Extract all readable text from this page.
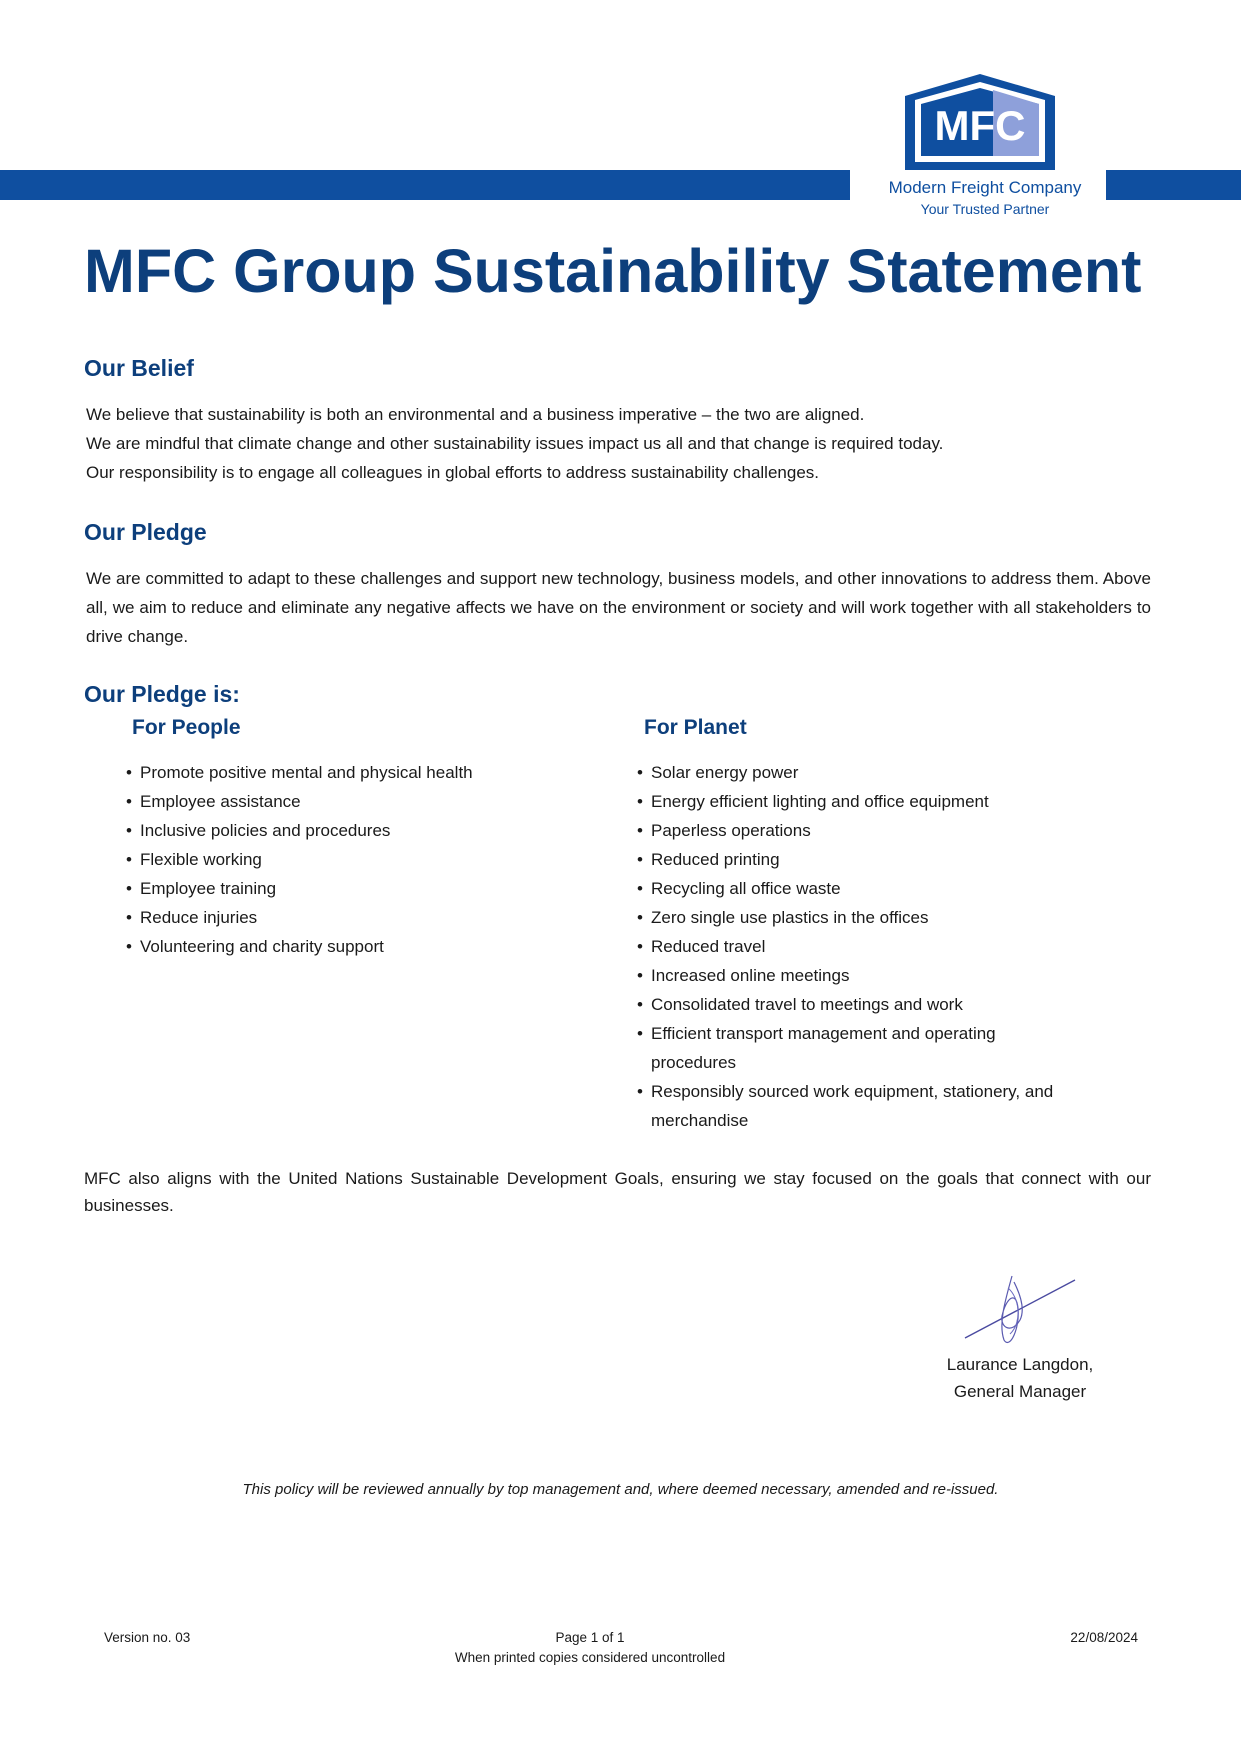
MFC
Modern Freight Company
Your Trusted Partner
MFC Group Sustainability Statement
Our Belief

We believe that sustainability is both an environmental and a business imperative – the two are aligned.

We are mindful that climate change and other sustainability issues impact us all and that change is required today.

Our responsibility is to engage all colleagues in global efforts to address sustainability challenges.

Our Pledge

We are committed to adapt to these challenges and support new technology, business models, and other innovations to address them. Above all, we aim to reduce and eliminate any negative affects we have on the environment or society and will work together with all stakeholders to drive change.

Our Pledge is:
For People	For Planet
• Promote positive mental and physical health
• Employee assistance
• Inclusive policies and procedures
• Flexible working
• Employee training
• Reduce injuries
• Volunteering and charity support
• Solar energy power
• Energy efficient lighting and office equipment
• Paperless operations
• Reduced printing
• Recycling all office waste
• Zero single use plastics in the offices
• Reduced travel
• Increased online meetings
• Consolidated travel to meetings and work
• Efficient transport management and operating procedures
• Responsibly sourced work equipment, stationery, and merchandise

MFC also aligns with the United Nations Sustainable Development Goals, ensuring we stay focused on the goals that connect with our businesses.

Laurance Langdon,
General Manager
This policy will be reviewed annually by top management and, where deemed necessary, amended and re-issued.
Version no. 03	Page 1 of 1
When printed copies considered uncontrolled
22/08/2024
